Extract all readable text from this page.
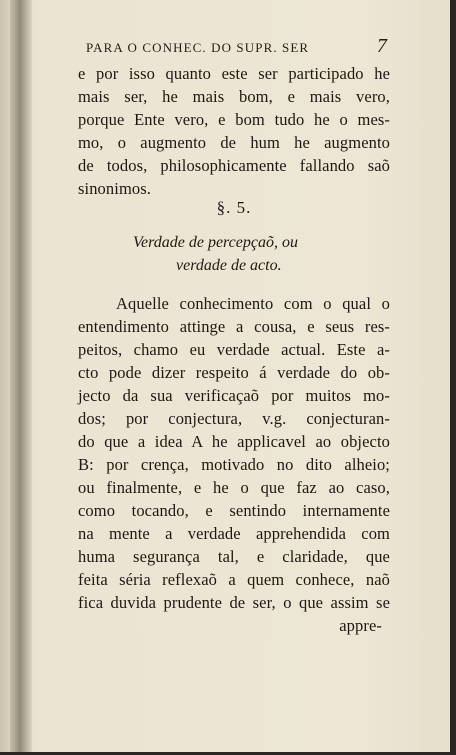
PARA O CONHEC. DO SUPR. SER	7
e por isso quanto este ser participado he
mais ser, he mais bom, e mais vero,
porque Ente vero, e bom tudo he o mes-
mo, o augmento de hum he augmento
de todos, philosophicamente fallando saõ
sinonimos.
§. 5.
Verdade de percepçaõ, ou
verdade de acto.
Aquelle conhecimento com o qual o
entendimento attinge a cousa, e seus res-
peitos, chamo eu verdade actual. Este a-
cto pode dizer respeito á verdade do ob-
jecto da sua verificaçaõ por muitos mo-
dos; por conjectura, v.g. conjecturan-
do que a idea A he applicavel ao objecto
B: por crença, motivado no dito alheio;
ou finalmente, e he o que faz ao caso,
como tocando, e sentindo internamente
na mente a verdade apprehendida com
huma segurança tal, e claridade, que
feita séria reflexaõ a quem conhece, naõ
fica duvida prudente de ser, o que assim se
appre-
